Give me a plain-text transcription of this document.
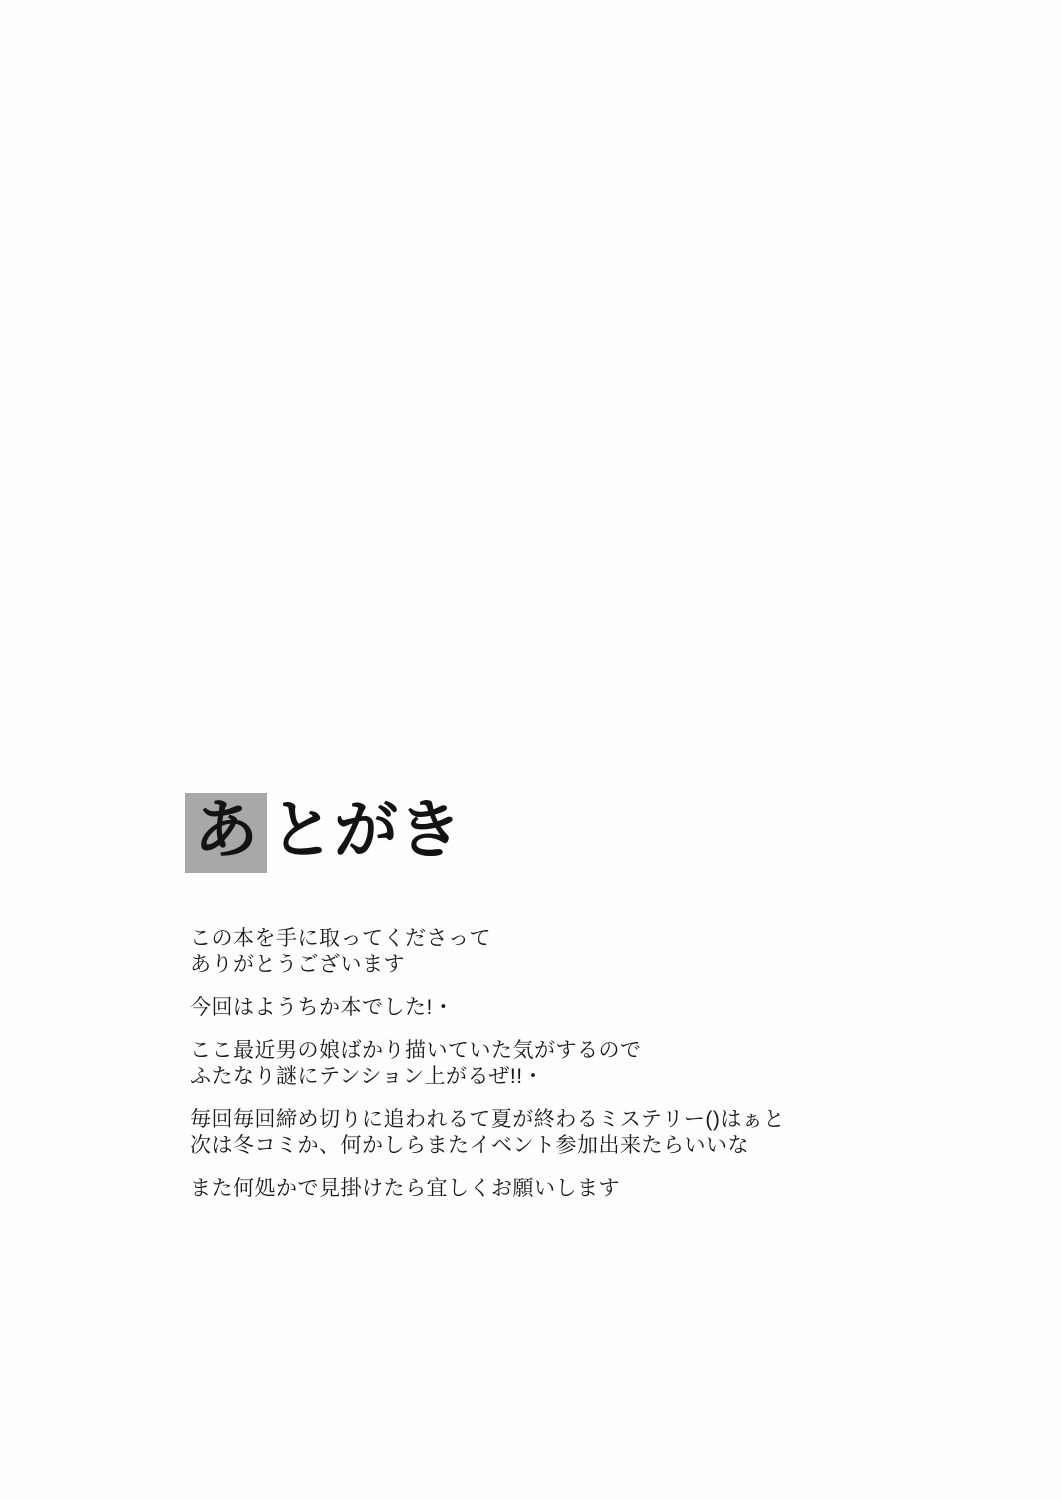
あ とがき

この本を手に取ってくださって
ありがとうございます

今回はようちか本でした!・

ここ最近男の娘ばかり描いていた気がするので
ふたなり謎にテンション上がるぜ!!・

毎回毎回締め切りに追われるて夏が終わるミステリー()はぁと
次は冬コミか、何かしらまたイベント参加出来たらいいな

また何処かで見掛けたら宜しくお願いします
